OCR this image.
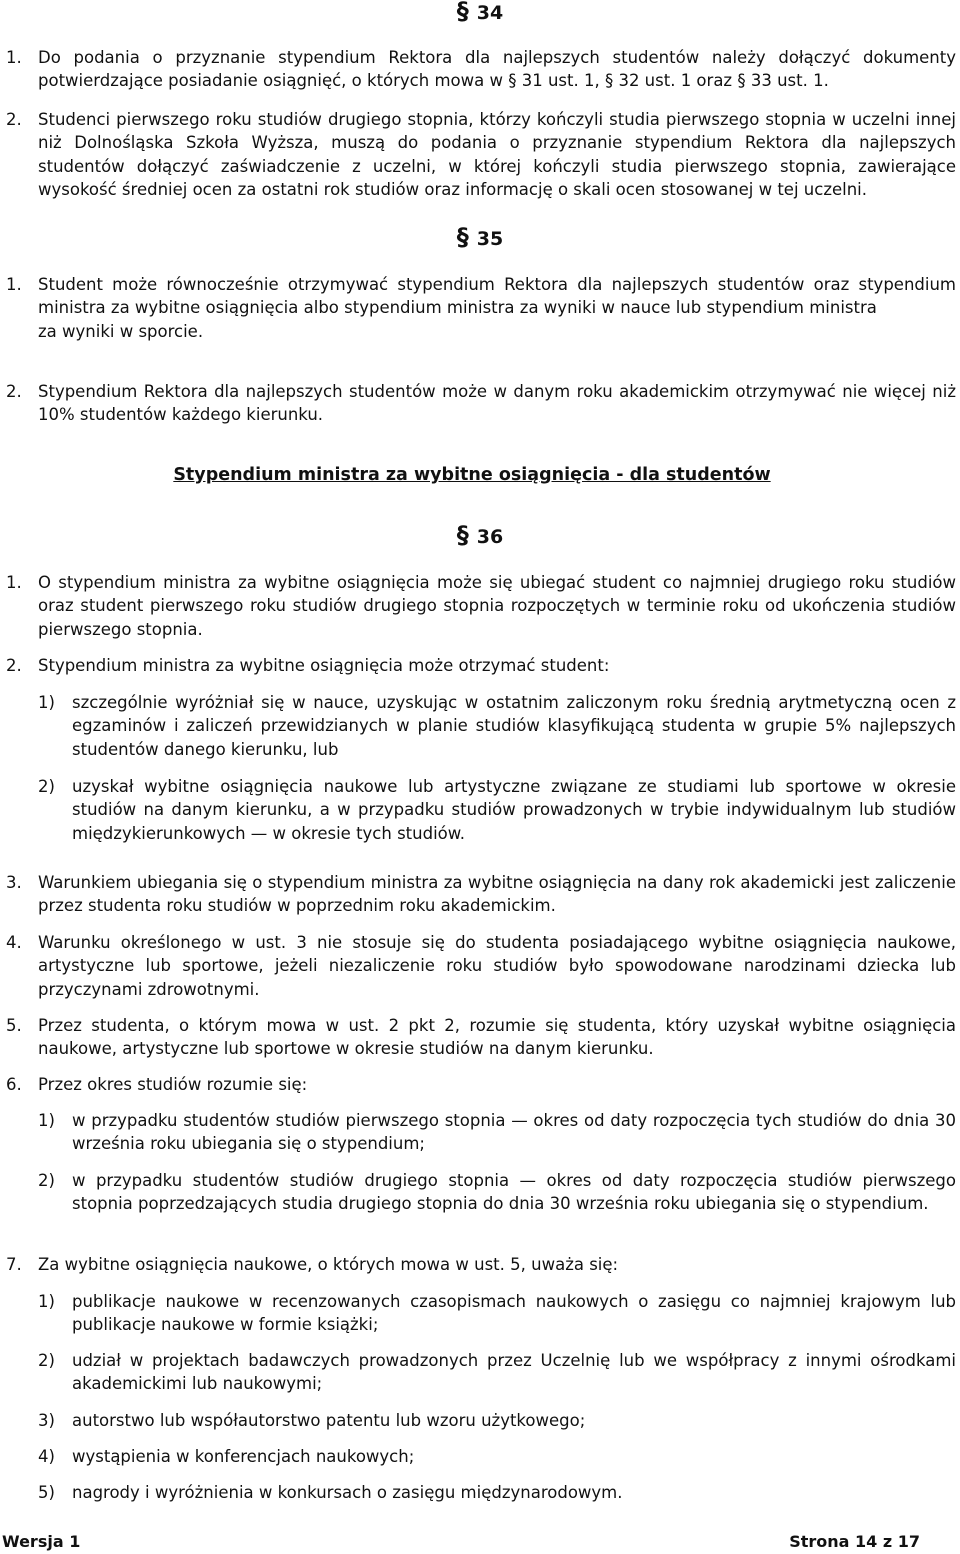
§ 34

1. Do podania o przyznanie stypendium Rektora dla najlepszych studentów należy dołączyć dokumenty potwierdzające posiadanie osiągnięć, o których mowa w § 31 ust. 1, § 32 ust. 1 oraz § 33 ust. 1.

2. Studenci pierwszego roku studiów drugiego stopnia, którzy kończyli studia pierwszego stopnia w uczelni innej niż Dolnośląska Szkoła Wyższa, muszą do podania o przyznanie stypendium Rektora dla najlepszych studentów dołączyć zaświadczenie z uczelni, w której kończyli studia pierwszego stopnia, zawierające wysokość średniej ocen za ostatni rok studiów oraz informację o skali ocen stosowanej w tej uczelni.

§ 35

1. Student może równocześnie otrzymywać stypendium Rektora dla najlepszych studentów oraz stypendium ministra za wybitne osiągnięcia albo stypendium ministra za wyniki w nauce lub stypendium ministra
za wyniki w sporcie.

2. Stypendium Rektora dla najlepszych studentów może w danym roku akademickim otrzymywać nie więcej niż 10% studentów każdego kierunku.

Stypendium ministra za wybitne osiągnięcia - dla studentów
§ 36

1. O stypendium ministra za wybitne osiągnięcia może się ubiegać student co najmniej drugiego roku studiów oraz student pierwszego roku studiów drugiego stopnia rozpoczętych w terminie roku od ukończenia studiów pierwszego stopnia.

2. Stypendium ministra za wybitne osiągnięcia może otrzymać student:

1) szczególnie wyróżniał się w nauce, uzyskując w ostatnim zaliczonym roku średnią arytmetyczną ocen z egzaminów i zaliczeń przewidzianych w planie studiów klasyfikującą studenta w grupie 5% najlepszych studentów danego kierunku, lub

2) uzyskał wybitne osiągnięcia naukowe lub artystyczne związane ze studiami lub sportowe w okresie studiów na danym kierunku, a w przypadku studiów prowadzonych w trybie indywidualnym lub studiów międzykierunkowych — w okresie tych studiów.

3. Warunkiem ubiegania się o stypendium ministra za wybitne osiągnięcia na dany rok akademicki jest zaliczenie przez studenta roku studiów w poprzednim roku akademickim.

4. Warunku określonego w ust. 3 nie stosuje się do studenta posiadającego wybitne osiągnięcia naukowe, artystyczne lub sportowe, jeżeli niezaliczenie roku studiów było spowodowane narodzinami dziecka lub przyczynami zdrowotnymi.

5. Przez studenta, o którym mowa w ust. 2 pkt 2, rozumie się studenta, który uzyskał wybitne osiągnięcia naukowe, artystyczne lub sportowe w okresie studiów na danym kierunku.

6. Przez okres studiów rozumie się:

1) w przypadku studentów studiów pierwszego stopnia — okres od daty rozpoczęcia tych studiów do dnia 30 września roku ubiegania się o stypendium;

2) w przypadku studentów studiów drugiego stopnia — okres od daty rozpoczęcia studiów pierwszego stopnia poprzedzających studia drugiego stopnia do dnia 30 września roku ubiegania się o stypendium.

7. Za wybitne osiągnięcia naukowe, o których mowa w ust. 5, uważa się:

1) publikacje naukowe w recenzowanych czasopismach naukowych o zasięgu co najmniej krajowym lub publikacje naukowe w formie książki;

2) udział w projektach badawczych prowadzonych przez Uczelnię lub we współpracy z innymi ośrodkami akademickimi lub naukowymi;

3) autorstwo lub współautorstwo patentu lub wzoru użytkowego;

4) wystąpienia w konferencjach naukowych;

5) nagrody i wyróżnienia w konkursach o zasięgu międzynarodowym.

Wersja 1	Strona 14 z 17
